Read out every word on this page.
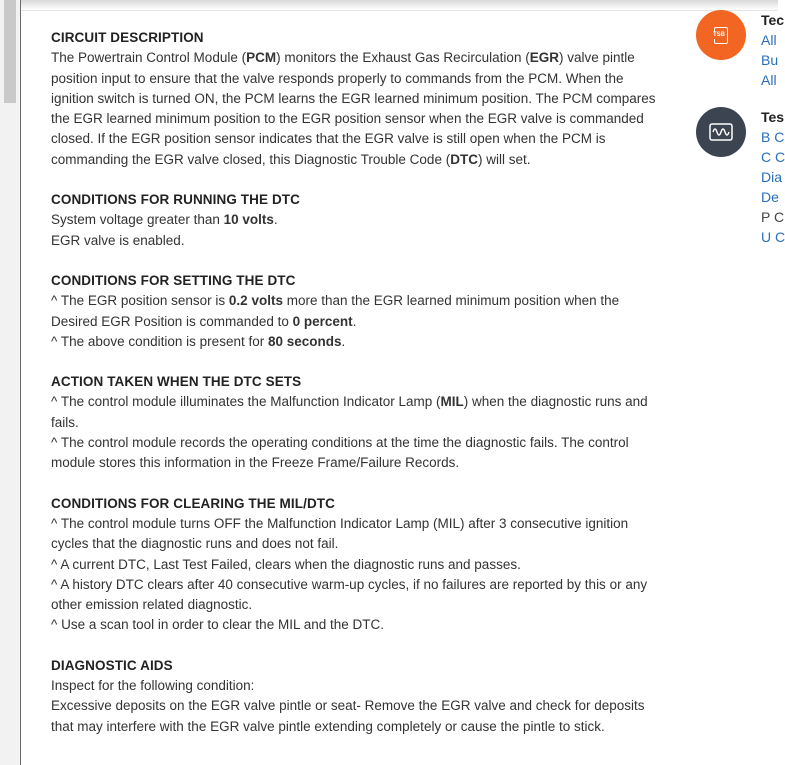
CIRCUIT DESCRIPTION

The Powertrain Control Module (PCM) monitors the Exhaust Gas Recirculation (EGR) valve pintle position input to ensure that the valve responds properly to commands from the PCM. When the ignition switch is turned ON, the PCM learns the EGR learned minimum position. The PCM compares the EGR learned minimum position to the EGR position sensor when the EGR valve is commanded closed. If the EGR position sensor indicates that the EGR valve is still open when the PCM is commanding the EGR valve closed, this Diagnostic Trouble Code (DTC) will set.

CONDITIONS FOR RUNNING THE DTC

System voltage greater than 10 volts.

EGR valve is enabled.

CONDITIONS FOR SETTING THE DTC

^ The EGR position sensor is 0.2 volts more than the EGR learned minimum position when the Desired EGR Position is commanded to 0 percent.

^ The above condition is present for 80 seconds.

ACTION TAKEN WHEN THE DTC SETS

^ The control module illuminates the Malfunction Indicator Lamp (MIL) when the diagnostic runs and fails.

^ The control module records the operating conditions at the time the diagnostic fails. The control module stores this information in the Freeze Frame/Failure Records.

CONDITIONS FOR CLEARING THE MIL/DTC

^ The control module turns OFF the Malfunction Indicator Lamp (MIL) after 3 consecutive ignition cycles that the diagnostic runs and does not fail.

^ A current DTC, Last Test Failed, clears when the diagnostic runs and passes.

^ A history DTC clears after 40 consecutive warm-up cycles, if no failures are reported by this or any other emission related diagnostic.

^ Use a scan tool in order to clear the MIL and the DTC.

DIAGNOSTIC AIDS

Inspect for the following condition:

Excessive deposits on the EGR valve pintle or seat- Remove the EGR valve and check for deposits that may interfere with the EGR valve pintle extending completely or cause the pintle to stick.

TSB
Tec
All
Bu
All
Tes
B C
C C
Dia
De
P C
U C
